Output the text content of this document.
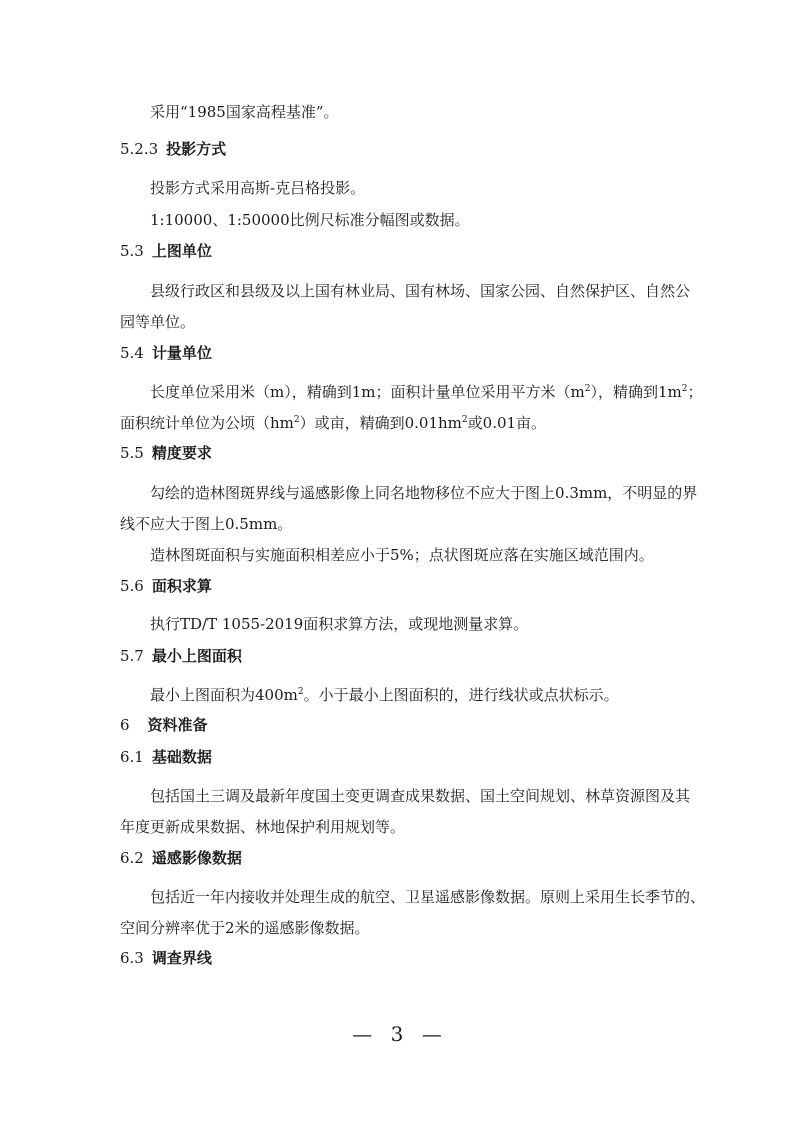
采用“1985国家高程基准”。
5.2.3 投影方式
投影方式采用高斯-克吕格投影。
1:10000、1:50000比例尺标准分幅图或数据。
5.3 上图单位
县级行政区和县级及以上国有林业局、国有林场、国家公园、自然保护区、自然公
园等单位。
5.4 计量单位
长度单位采用米（m），精确到1m；面积计量单位采用平方米$(m^2)$，精确到$1m^2$；
面积统计单位为公顷$(hm^2)$或亩，精确到$0.01hm^2$或0.01亩。
5.5 精度要求
勾绘的造林图斑界线与遥感影像上同名地物移位不应大于图上0.3mm，不明显的界
线不应大于图上0.5mm。
造林图斑面积与实施面积相差应小于5%；点状图斑应落在实施区域范围内。
5.6 面积求算
执行TD/T 1055-2019面积求算方法，或现地测量求算。
5.7 最小上图面积
最小上图面积为$400m^2$。小于最小上图面积的，进行线状或点状标示。
6 资料准备
6.1 基础数据
包括国土三调及最新年度国土变更调查成果数据、国土空间规划、林草资源图及其
年度更新成果数据、林地保护利用规划等。
6.2 遥感影像数据
包括近一年内接收并处理生成的航空、卫星遥感影像数据。原则上采用生长季节的、
空间分辨率优于2米的遥感影像数据。
6.3 调查界线
— 3 —
